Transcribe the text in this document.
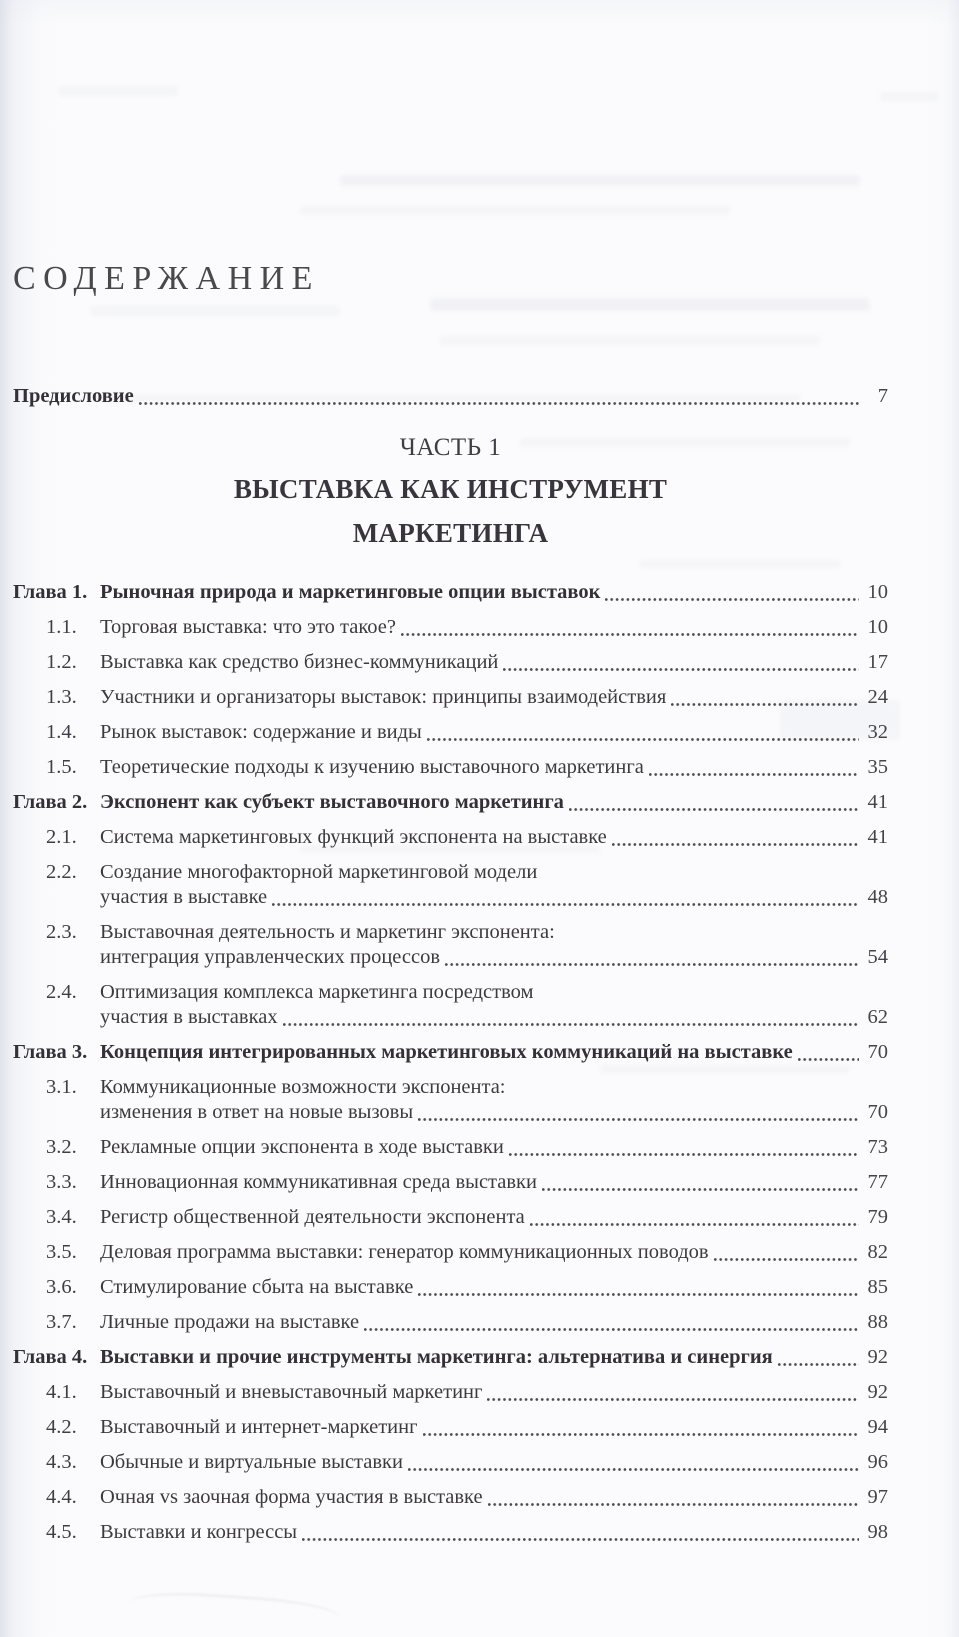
СОДЕРЖАНИЕ
Предисловие	7
ЧАСТЬ 1
ВЫСТАВКА КАК ИНСТРУМЕНТ
МАРКЕТИНГА
Глава 1. Рыночная природа и маркетинговые опции выставок	10
1.1.	Торговая выставка: что это такое?	10
1.2.	Выставка как средство бизнес-коммуникаций	17
1.3.	Участники и организаторы выставок: принципы взаимодействия	24
1.4.	Рынок выставок: содержание и виды	32
1.5.	Теоретические подходы к изучению выставочного маркетинга	35
Глава 2. Экспонент как субъект выставочного маркетинга	41
2.1.	Система маркетинговых функций экспонента на выставке	41
2.2.	Создание многофакторной маркетинговой модели
участия в выставке	48
2.3.	Выставочная деятельность и маркетинг экспонента:
интеграция управленческих процессов	54
2.4.	Оптимизация комплекса маркетинга посредством
участия в выставках	62
Глава 3. Концепция интегрированных маркетинговых коммуникаций на выставке	70
3.1.	Коммуникационные возможности экспонента:
изменения в ответ на новые вызовы	70
3.2.	Рекламные опции экспонента в ходе выставки	73
3.3.	Инновационная коммуникативная среда выставки	77
3.4.	Регистр общественной деятельности экспонента	79
3.5.	Деловая программа выставки: генератор коммуникационных поводов	82
3.6.	Стимулирование сбыта на выставке	85
3.7.	Личные продажи на выставке	88
Глава 4. Выставки и прочие инструменты маркетинга: альтернатива и синергия	92
4.1.	Выставочный и вневыставочный маркетинг	92
4.2.	Выставочный и интернет-маркетинг	94
4.3.	Обычные и виртуальные выставки	96
4.4.	Очная vs заочная форма участия в выставке	97
4.5.	Выставки и конгрессы	98
